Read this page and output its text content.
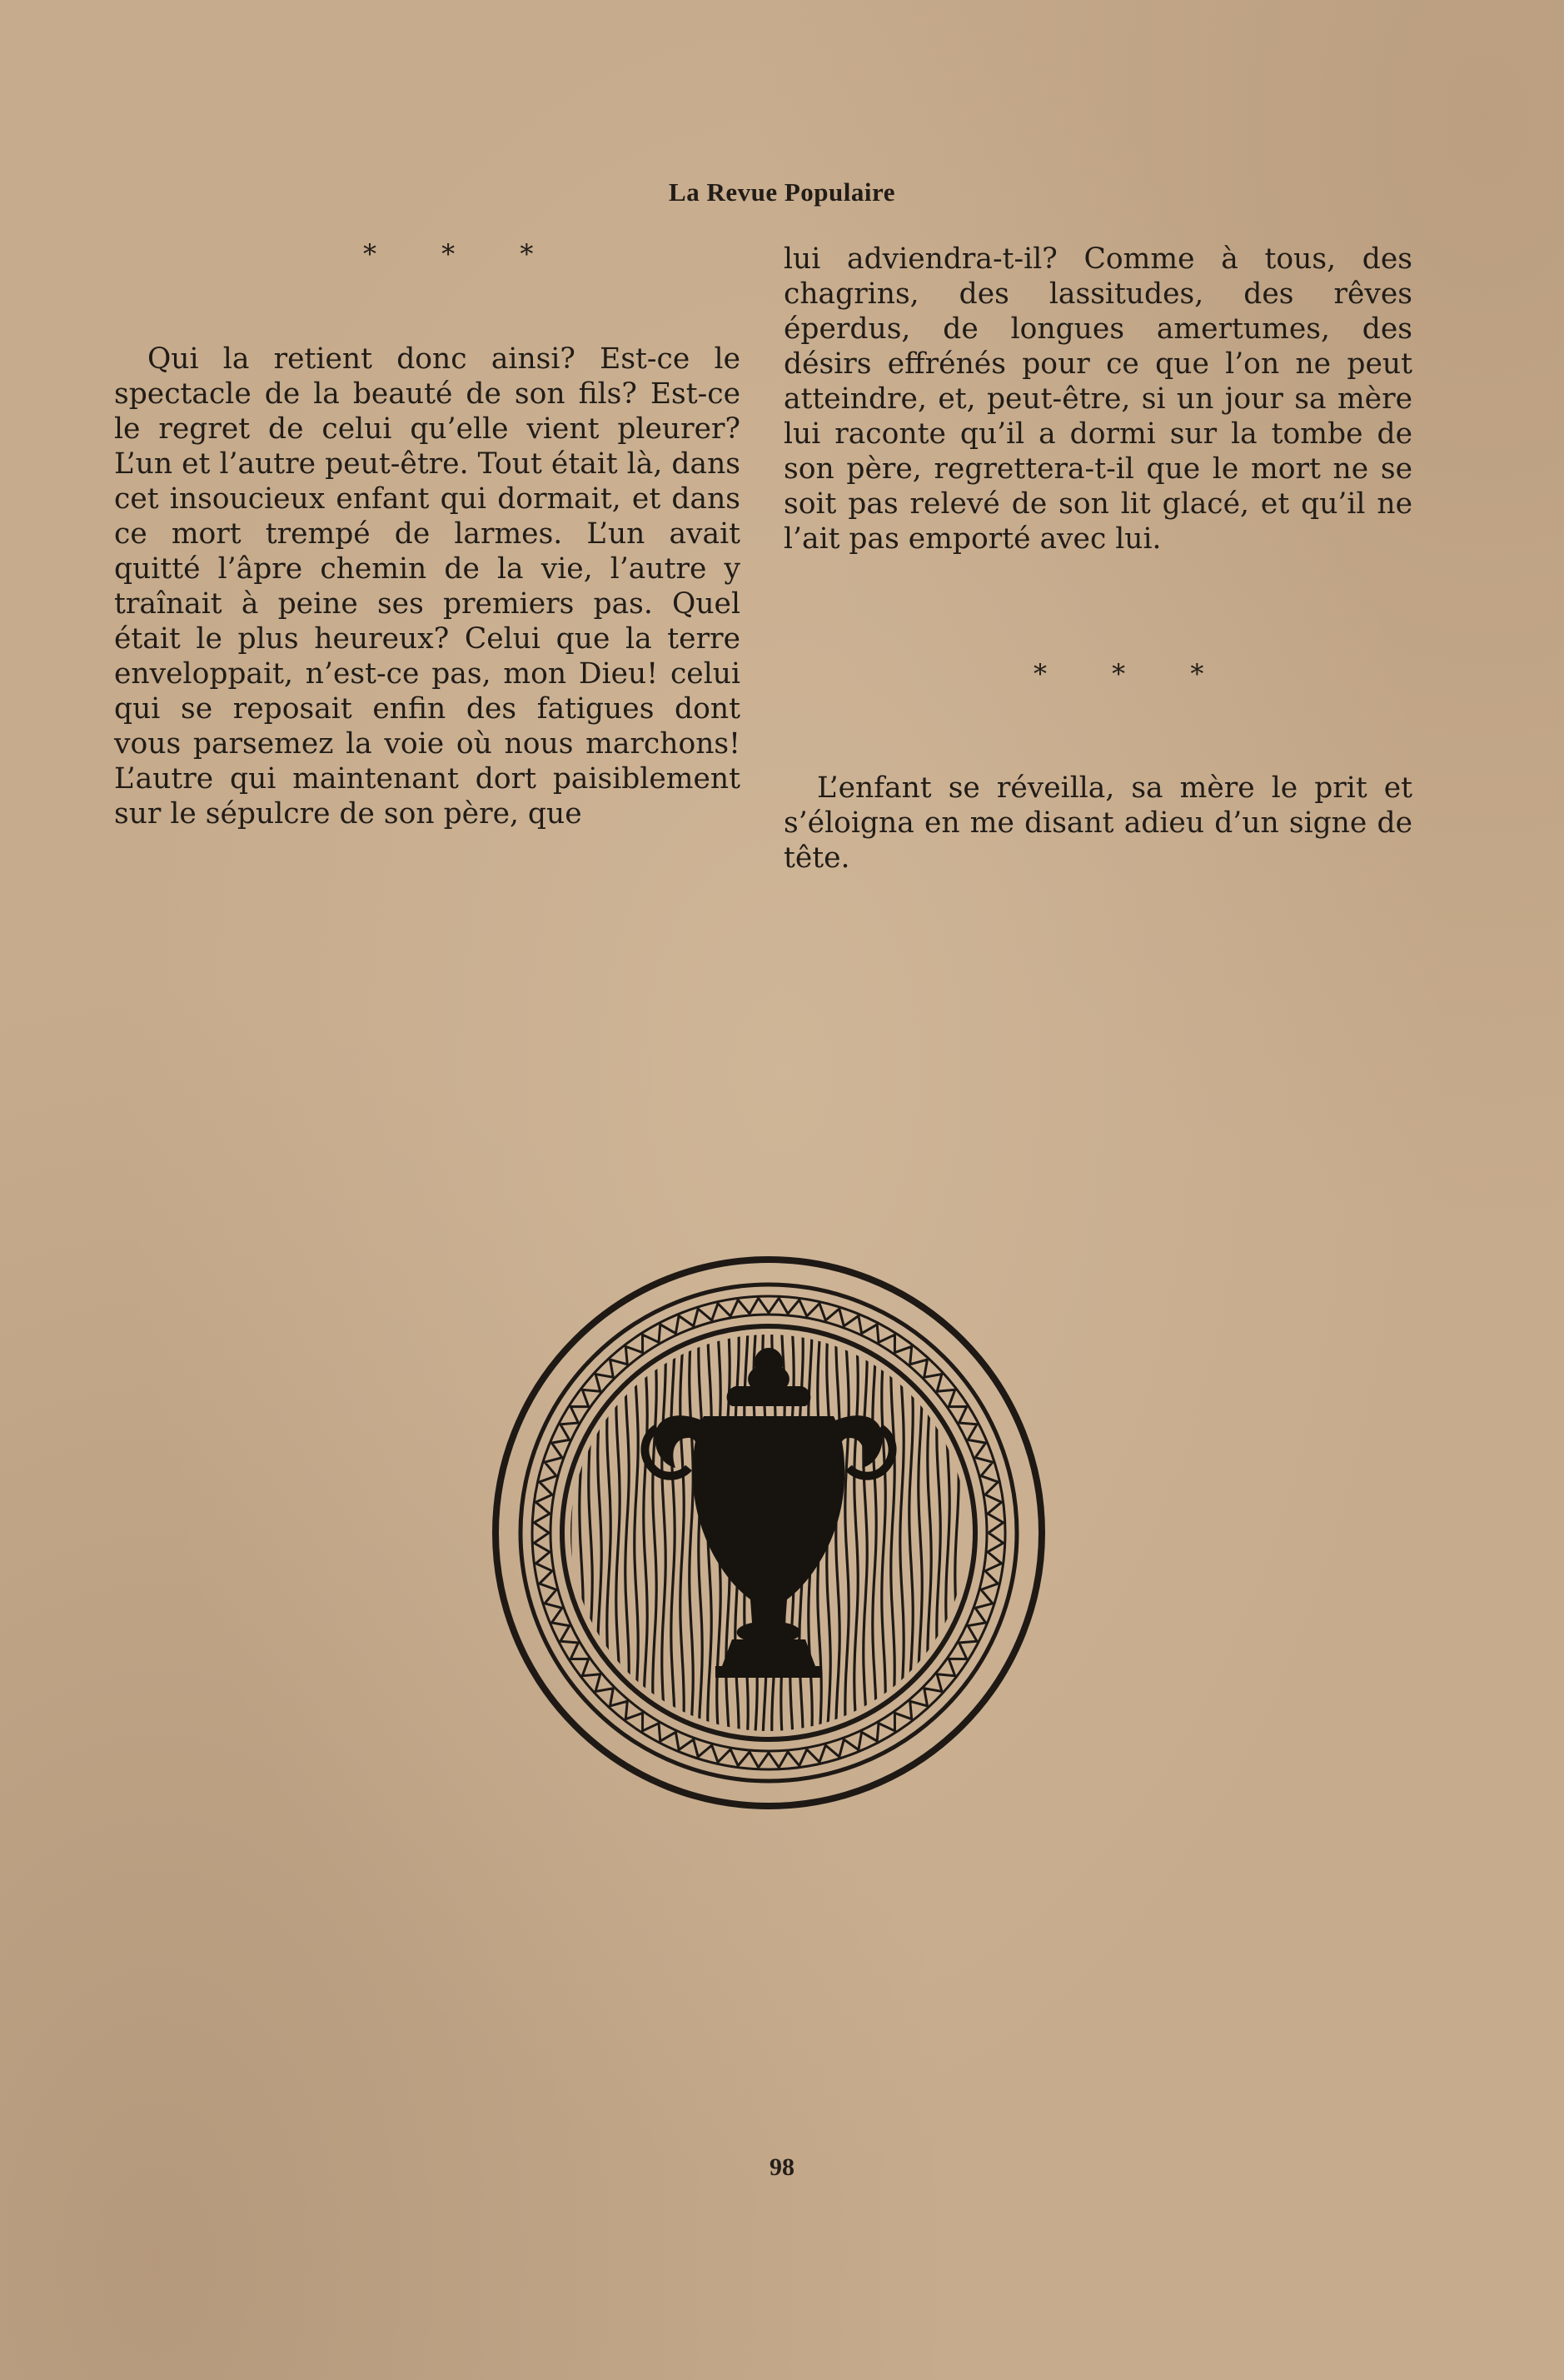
La Revue Populaire
* * *

Qui la retient donc ainsi? Est-ce le spectacle de la beauté de son fils? Est-ce le regret de celui qu’elle vient pleurer? L’un et l’autre peut-être. Tout était là, dans cet insoucieux enfant qui dormait, et dans ce mort trempé de larmes. L’un avait quitté l’âpre chemin de la vie, l’autre y traînait à peine ses premiers pas. Quel était le plus heureux? Celui que la terre enveloppait, n’est-ce pas, mon Dieu! celui qui se reposait enfin des fatigues dont vous parsemez la voie où nous marchons! L’autre qui maintenant dort paisiblement sur le sépulcre de son père, que

lui adviendra-t-il? Comme à tous, des chagrins, des lassitudes, des rêves éperdus, de longues amertumes, des désirs effrénés pour ce que l’on ne peut atteindre, et, peut-être, si un jour sa mère lui raconte qu’il a dormi sur la tombe de son père, regrettera-t-il que le mort ne se soit pas relevé de son lit glacé, et qu’il ne l’ait pas emporté avec lui.

* * *

L’enfant se réveilla, sa mère le prit et s’éloigna en me disant adieu d’un signe de tête.

98
